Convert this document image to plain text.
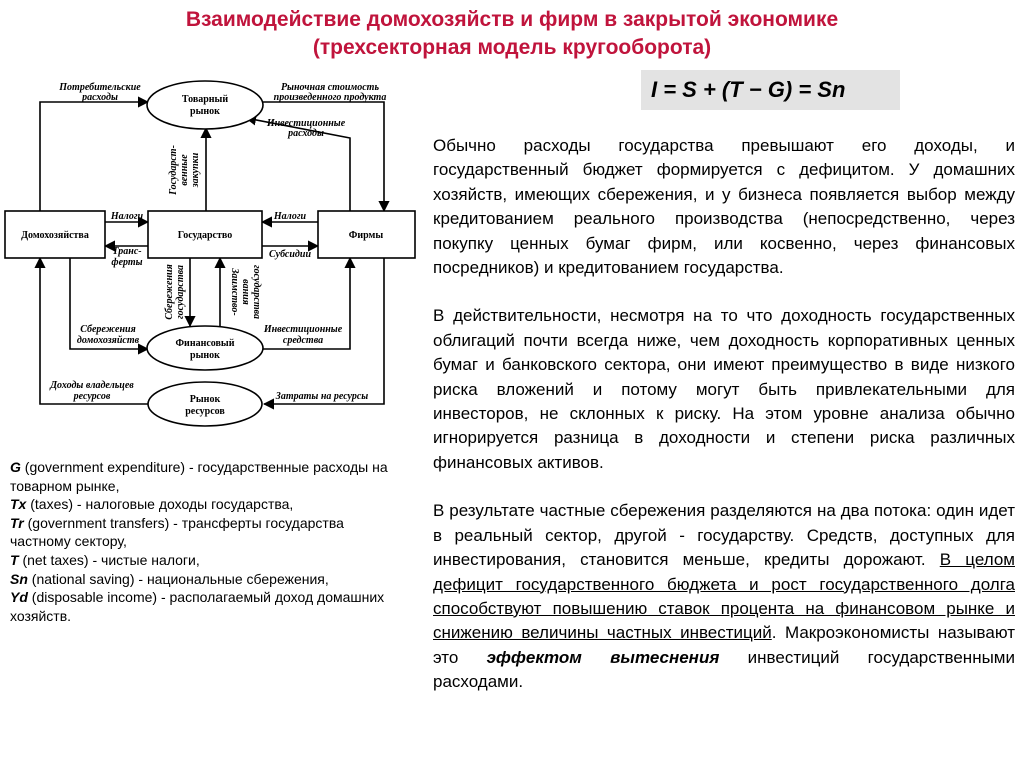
Взаимодействие домохозяйств и фирм в закрытой экономике
(трехсекторная модель кругооборота)
I = S + (T − G) = Sn
Домохозяйства	Государство	Фирмы
Товарный
рынок
Финансовый
рынок
Рынок
ресурсов
Потребительские
расходы
Рыночная стоимость
произведенного продукта
Инвестиционные
расходы
Государст- венные закупки
Налоги
Транс-
ферты
Налоги
Субсидии
Сбережения государства	Заимство- вания государства
Сбережения
домохозяйств
Инвестиционные
средства
Доходы владельцев
ресурсов	Затраты на ресурсы
G (government expenditure) - государственные расходы на товарном рынке,
Tx (taxes) - налоговые доходы государства,
Tr (government transfers) - трансферты государства частному сектору,
T (net taxes) - чистые налоги,
Sn (national saving) - национальные сбережения,
Yd (disposable income) - располагаемый доход домашних хозяйств.

Обычно расходы государства превышают его доходы, и государственный бюджет формируется с дефицитом. У домашних хозяйств, имеющих сбережения, и у бизнеса появляется выбор между кредитованием реального производства (непосредственно, через покупку ценных бумаг фирм, или косвенно, через финансовых посредников) и кредитованием государства.

В действительности, несмотря на то что доходность государственных облигаций почти всегда ниже, чем доходность корпоративных ценных бумаг и банковского сектора, они имеют преимущество в виде низкого риска вложений и потому могут быть привлекательными для инвесторов, не склонных к риску. На этом уровне анализа обычно игнорируется разница в доходности и степени риска различных финансовых активов.

В результате частные сбережения разделяются на два потока: один идет в реальный сектор, другой - государству. Средств, доступных для инвестирования, становится меньше, кредиты дорожают. В целом дефицит государственного бюджета и рост государственного долга способствуют повышению ставок процента на финансовом рынке и снижению величины частных инвестиций. Макроэкономисты называют это эффектом вытеснения инвестиций государственными расходами.
